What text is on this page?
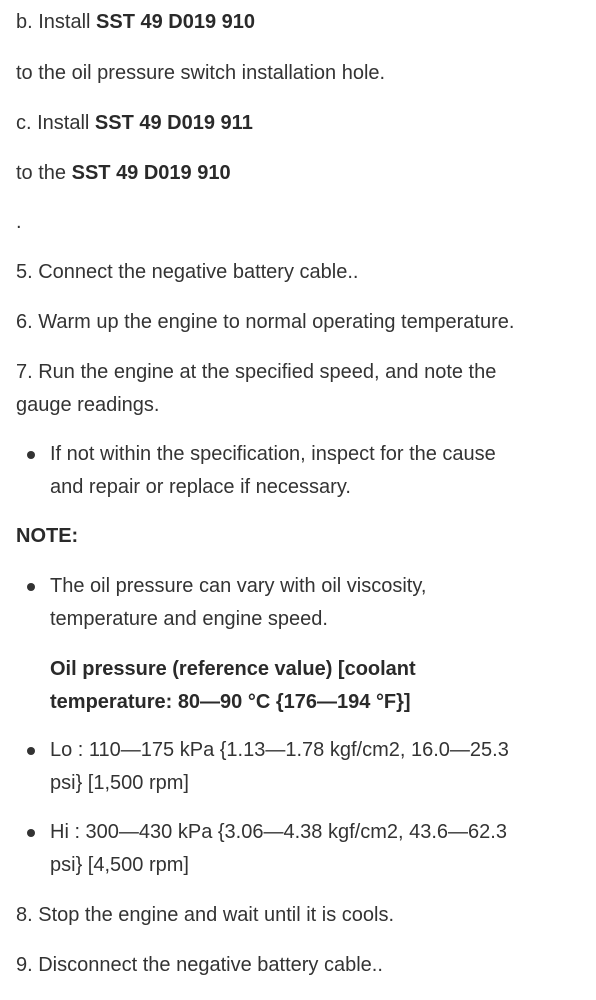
b. Install SST 49 D019 910
to the oil pressure switch installation hole.
c. Install SST 49 D019 911
to the SST 49 D019 910
.
5. Connect the negative battery cable..
6. Warm up the engine to normal operating temperature.
7. Run the engine at the specified speed, and note the
gauge readings.
If not within the specification, inspect for the cause
and repair or replace if necessary.
NOTE:
The oil pressure can vary with oil viscosity,
temperature and engine speed.
Oil pressure (reference value) [coolant
temperature: 80—90 °C {176—194 °F}]
Lo : 110—175 kPa {1.13—1.78 kgf/cm2, 16.0—25.3
psi} [1,500 rpm]
Hi : 300—430 kPa {3.06—4.38 kgf/cm2, 43.6—62.3
psi} [4,500 rpm]
8. Stop the engine and wait until it is cools.
9. Disconnect the negative battery cable..
